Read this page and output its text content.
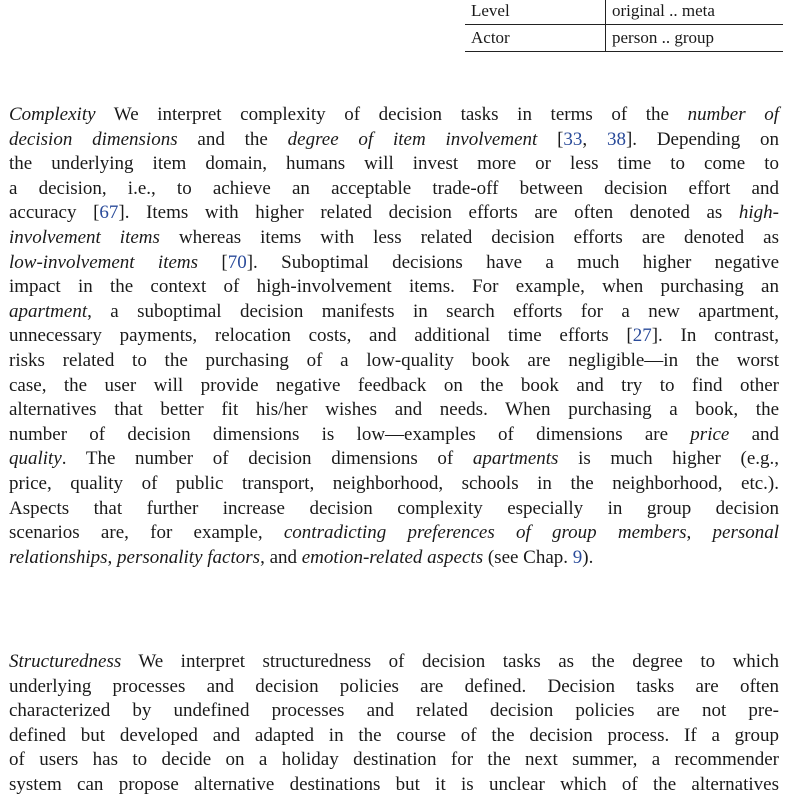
Level	original .. meta
Actor	person .. group
Complexity We interpret complexity of decision tasks in terms of the number of
decision dimensions and the degree of item involvement [33, 38]. Depending on
the underlying item domain, humans will invest more or less time to come to
a decision, i.e., to achieve an acceptable trade-off between decision effort and
accuracy [67]. Items with higher related decision efforts are often denoted as high-
involvement items whereas items with less related decision efforts are denoted as
low-involvement items [70]. Suboptimal decisions have a much higher negative
impact in the context of high-involvement items. For example, when purchasing an
apartment, a suboptimal decision manifests in search efforts for a new apartment,
unnecessary payments, relocation costs, and additional time efforts [27]. In contrast,
risks related to the purchasing of a low-quality book are negligible—in the worst
case, the user will provide negative feedback on the book and try to find other
alternatives that better fit his/her wishes and needs. When purchasing a book, the
number of decision dimensions is low—examples of dimensions are price and
quality. The number of decision dimensions of apartments is much higher (e.g.,
price, quality of public transport, neighborhood, schools in the neighborhood, etc.).
Aspects that further increase decision complexity especially in group decision
scenarios are, for example, contradicting preferences of group members, personal
relationships, personality factors, and emotion-related aspects (see Chap. 9).
Structuredness We interpret structuredness of decision tasks as the degree to which
underlying processes and decision policies are defined. Decision tasks are often
characterized by undefined processes and related decision policies are not pre-
defined but developed and adapted in the course of the decision process. If a group
of users has to decide on a holiday destination for the next summer, a recommender
system can propose alternative destinations but it is unclear which of the alternatives
